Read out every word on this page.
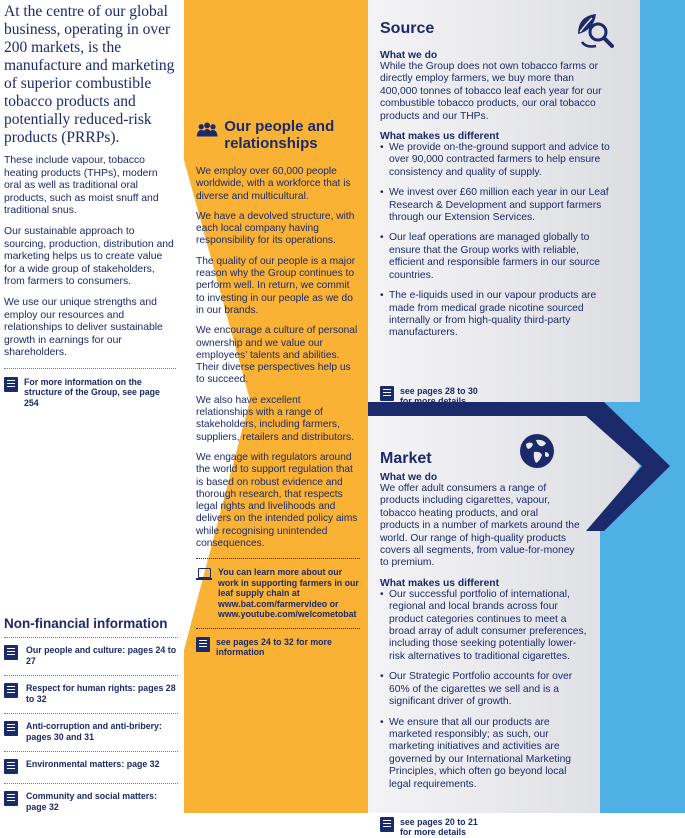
At the centre of our global business, operating in over 200 markets, is the manufacture and marketing of superior combustible tobacco products and potentially reduced-risk products (PRRPs).

These include vapour, tobacco heating products (THPs), modern oral as well as traditional oral products, such as moist snuff and traditional snus.

Our sustainable approach to sourcing, production, distribution and marketing helps us to create value for a wide group of stakeholders, from farmers to consumers.

We use our unique strengths and employ our resources and relationships to deliver sustainable growth in earnings for our shareholders.

For more information on the structure of the Group, see page 254
Non-financial information
Our people and culture: pages 24 to 27
Respect for human rights: pages 28 to 32
Anti-corruption and anti-bribery: pages 30 and 31
Environmental matters: page 32
Community and social matters: page 32
Our people and relationships

We employ over 60,000 people worldwide, with a workforce that is diverse and multicultural.

We have a devolved structure, with each local company having responsibility for its operations.

The quality of our people is a major reason why the Group continues to perform well. In return, we commit to investing in our people as we do in our brands.

We encourage a culture of personal ownership and we value our employees’ talents and abilities. Their diverse perspectives help us to succeed.

We also have excellent relationships with a range of stakeholders, including farmers, suppliers, retailers and distributors.

We engage with regulators around the world to support regulation that is based on robust evidence and thorough research, that respects legal rights and livelihoods and delivers on the intended policy aims while recognising unintended consequences.

You can learn more about our work in supporting farmers in our leaf supply chain at www.bat.com/farmervideo or www.youtube.com/welcometobat
see pages 24 to 32 for more information
Source

What we do

While the Group does not own tobacco farms or directly employ farmers, we buy more than 400,000 tonnes of tobacco leaf each year for our combustible tobacco products, our oral tobacco products and our THPs.

What makes us different

• We provide on-the-ground support and advice to over 90,000 contracted farmers to help ensure consistency and quality of supply.
• We invest over £60 million each year in our Leaf Research & Development and support farmers through our Extension Services.
• Our leaf operations are managed globally to ensure that the Group works with reliable, efficient and responsible farmers in our source countries.
• The e-liquids used in our vapour products are made from medical grade nicotine sourced internally or from high-quality third-party manufacturers.
see pages 28 to 30 for more details
Market

What we do

We offer adult consumers a range of products including cigarettes, vapour, tobacco heating products, and oral products in a number of markets around the world. Our range of high-quality products covers all segments, from value-for-money to premium.

What makes us different

• Our successful portfolio of international, regional and local brands across four product categories continues to meet a broad array of adult consumer preferences, including those seeking potentially lower-risk alternatives to traditional cigarettes.
• Our Strategic Portfolio accounts for over 60% of the cigarettes we sell and is a significant driver of growth.
• We ensure that all our products are marketed responsibly; as such, our marketing initiatives and activities are governed by our International Marketing Principles, which often go beyond local legal requirements.
see pages 20 to 21 for more details
